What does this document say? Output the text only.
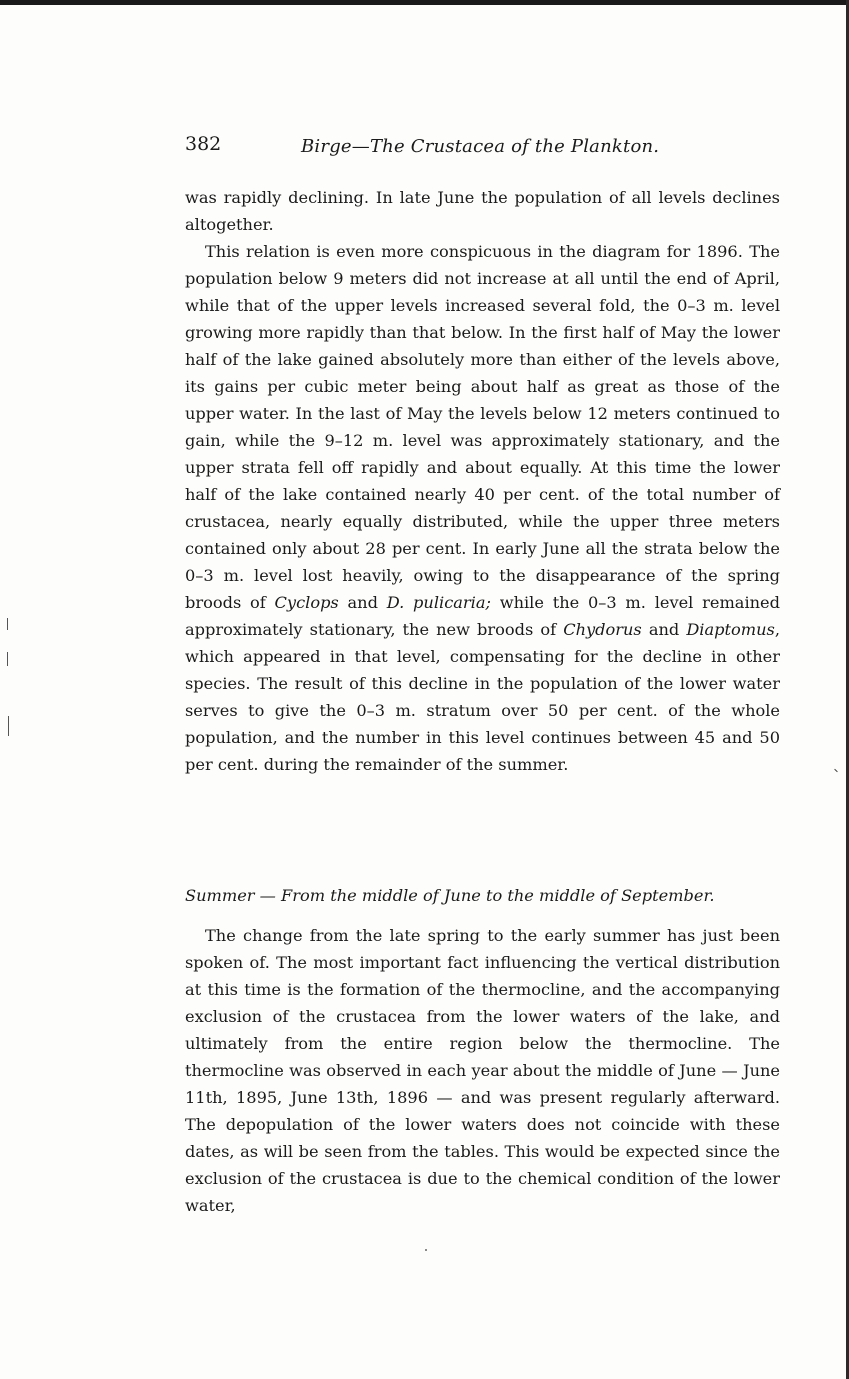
382	Birge—The Crustacea of the Plankton.

was rapidly declining. In late June the population of all levels declines altogether.

This relation is even more conspicuous in the diagram for 1896. The population below 9 meters did not increase at all until the end of April, while that of the upper levels increased several fold, the 0–3 m. level growing more rapidly than that below. In the first half of May the lower half of the lake gained absolutely more than either of the levels above, its gains per cubic meter being about half as great as those of the upper water. In the last of May the levels below 12 meters continued to gain, while the 9–12 m. level was approximately stationary, and the upper strata fell off rapidly and about equally. At this time the lower half of the lake contained nearly 40 per cent. of the total number of crustacea, nearly equally distributed, while the upper three meters contained only about 28 per cent. In early June all the strata below the 0–3 m. level lost heavily, owing to the disappearance of the spring broods of Cyclops and D. pulicaria; while the 0–3 m. level remained approximately stationary, the new broods of Chydorus and Diaptomus, which appeared in that level, compensating for the decline in other species. The result of this decline in the population of the lower water serves to give the 0–3 m. stratum over 50 per cent. of the whole population, and the number in this level continues between 45 and 50 per cent. during the remainder of the summer.

Summer — From the middle of June to the middle of September.

The change from the late spring to the early summer has just been spoken of. The most important fact influencing the vertical distribution at this time is the formation of the thermocline, and the accompanying exclusion of the crustacea from the lower waters of the lake, and ultimately from the entire region below the thermocline. The thermocline was observed in each year about the middle of June — June 11th, 1895, June 13th, 1896 — and was present regularly afterward. The depopulation of the lower waters does not coincide with these dates, as will be seen from the tables. This would be expected since the exclusion of the crustacea is due to the chemical condition of the lower water,
